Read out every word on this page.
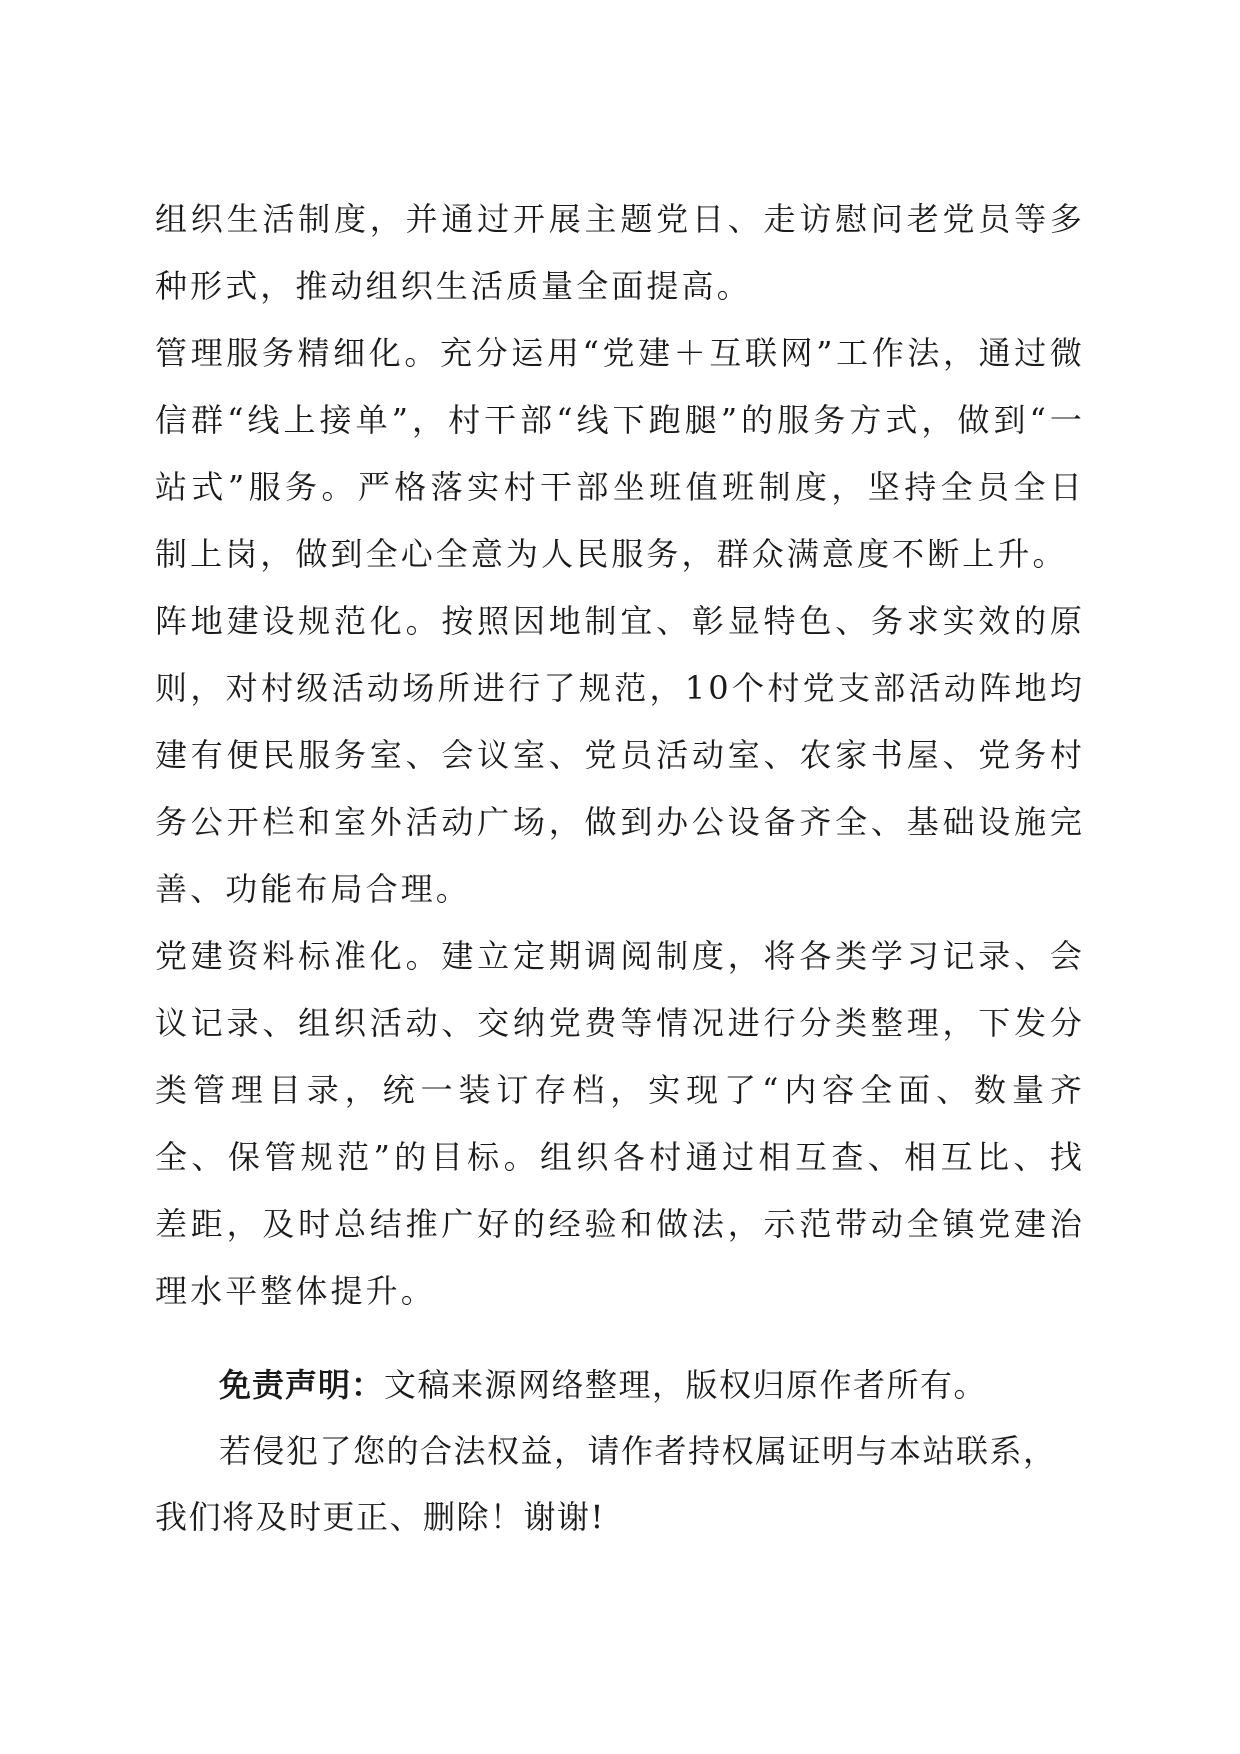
组织生活制度，并通过开展主题党日、走访慰问老党员等多种形式，推动组织生活质量全面提高。

管理服务精细化。充分运用“党建＋互联网”工作法，通过微信群“线上接单”，村干部“线下跑腿”的服务方式，做到“一站式”服务。严格落实村干部坐班值班制度，坚持全员全日制上岗，做到全心全意为人民服务，群众满意度不断上升。

阵地建设规范化。按照因地制宜、彰显特色、务求实效的原则，对村级活动场所进行了规范，10个村党支部活动阵地均建有便民服务室、会议室、党员活动室、农家书屋、党务村务公开栏和室外活动广场，做到办公设备齐全、基础设施完善、功能布局合理。

党建资料标准化。建立定期调阅制度，将各类学习记录、会议记录、组织活动、交纳党费等情况进行分类整理，下发分类管理目录，统一装订存档，实现了“内容全面、数量齐全、保管规范”的目标。组织各村通过相互查、相互比、找差距，及时总结推广好的经验和做法，示范带动全镇党建治理水平整体提升。

免责声明：文稿来源网络整理，版权归原作者所有。

若侵犯了您的合法权益，请作者持权属证明与本站联系，我们将及时更正、删除！谢谢!
